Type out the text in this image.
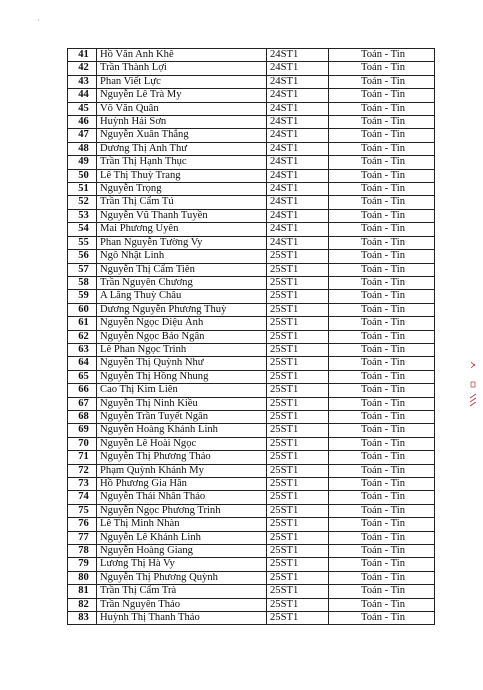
·
41	Hồ Văn Anh Khê	24ST1	Toán - Tin
42	Trần Thành Lợi	24ST1	Toán - Tin
43	Phan Viết Lực	24ST1	Toán - Tin
44	Nguyễn Lê Trà My	24ST1	Toán - Tin
45	Võ Văn Quân	24ST1	Toán - Tin
46	Huỳnh Hải Sơn	24ST1	Toán - Tin
47	Nguyễn Xuân Thắng	24ST1	Toán - Tin
48	Dương Thị Anh Thư	24ST1	Toán - Tin
49	Trần Thị Hạnh Thục	24ST1	Toán - Tin
50	Lê Thị Thuỳ Trang	24ST1	Toán - Tin
51	Nguyễn Trọng	24ST1	Toán - Tin
52	Trần Thị Cẩm Tú	24ST1	Toán - Tin
53	Nguyễn Vũ Thanh Tuyền	24ST1	Toán - Tin
54	Mai Phương Uyên	24ST1	Toán - Tin
55	Phan Nguyễn Tường Vy	24ST1	Toán - Tin
56	Ngô Nhật Linh	25ST1	Toán - Tin
57	Nguyễn Thị Cẩm Tiên	25ST1	Toán - Tin
58	Trần Nguyên Chương	25ST1	Toán - Tin
59	A Lăng Thuỳ Châu	25ST1	Toán - Tin
60	Dương Nguyễn Phương Thuỳ	25ST1	Toán - Tin
61	Nguyễn Ngọc Diệu Ánh	25ST1	Toán - Tin
62	Nguyễn Ngọc Bảo Ngân	25ST1	Toán - Tin
63	Lê Phan Ngọc Trinh	25ST1	Toán - Tin
64	Nguyễn Thị Quỳnh Như	25ST1	Toán - Tin
65	Nguyễn Thị Hồng Nhung	25ST1	Toán - Tin
66	Cao Thị Kim Liên	25ST1	Toán - Tin
67	Nguyễn Thị Ninh Kiều	25ST1	Toán - Tin
68	Nguyễn Trần Tuyết Ngân	25ST1	Toán - Tin
69	Nguyễn Hoàng Khánh Linh	25ST1	Toán - Tin
70	Nguyễn Lê Hoài Ngọc	25ST1	Toán - Tin
71	Nguyễn Thị Phương Thảo	25ST1	Toán - Tin
72	Phạm Quỳnh Khánh My	25ST1	Toán - Tin
73	Hồ Phương Gia Hân	25ST1	Toán - Tin
74	Nguyễn Thái Nhân Thảo	25ST1	Toán - Tin
75	Nguyễn Ngọc Phương Trinh	25ST1	Toán - Tin
76	Lê Thị Minh Nhàn	25ST1	Toán - Tin
77	Nguyễn Lê Khánh Linh	25ST1	Toán - Tin
78	Nguyễn Hoàng Giang	25ST1	Toán - Tin
79	Lương Thị Hà Vy	25ST1	Toán - Tin
80	Nguyễn Thị Phương Quỳnh	25ST1	Toán - Tin
81	Trần Thị Cẩm Trà	25ST1	Toán - Tin
82	Trần Nguyên Thảo	25ST1	Toán - Tin
83	Huỳnh Thị Thanh Thảo	25ST1	Toán - Tin
